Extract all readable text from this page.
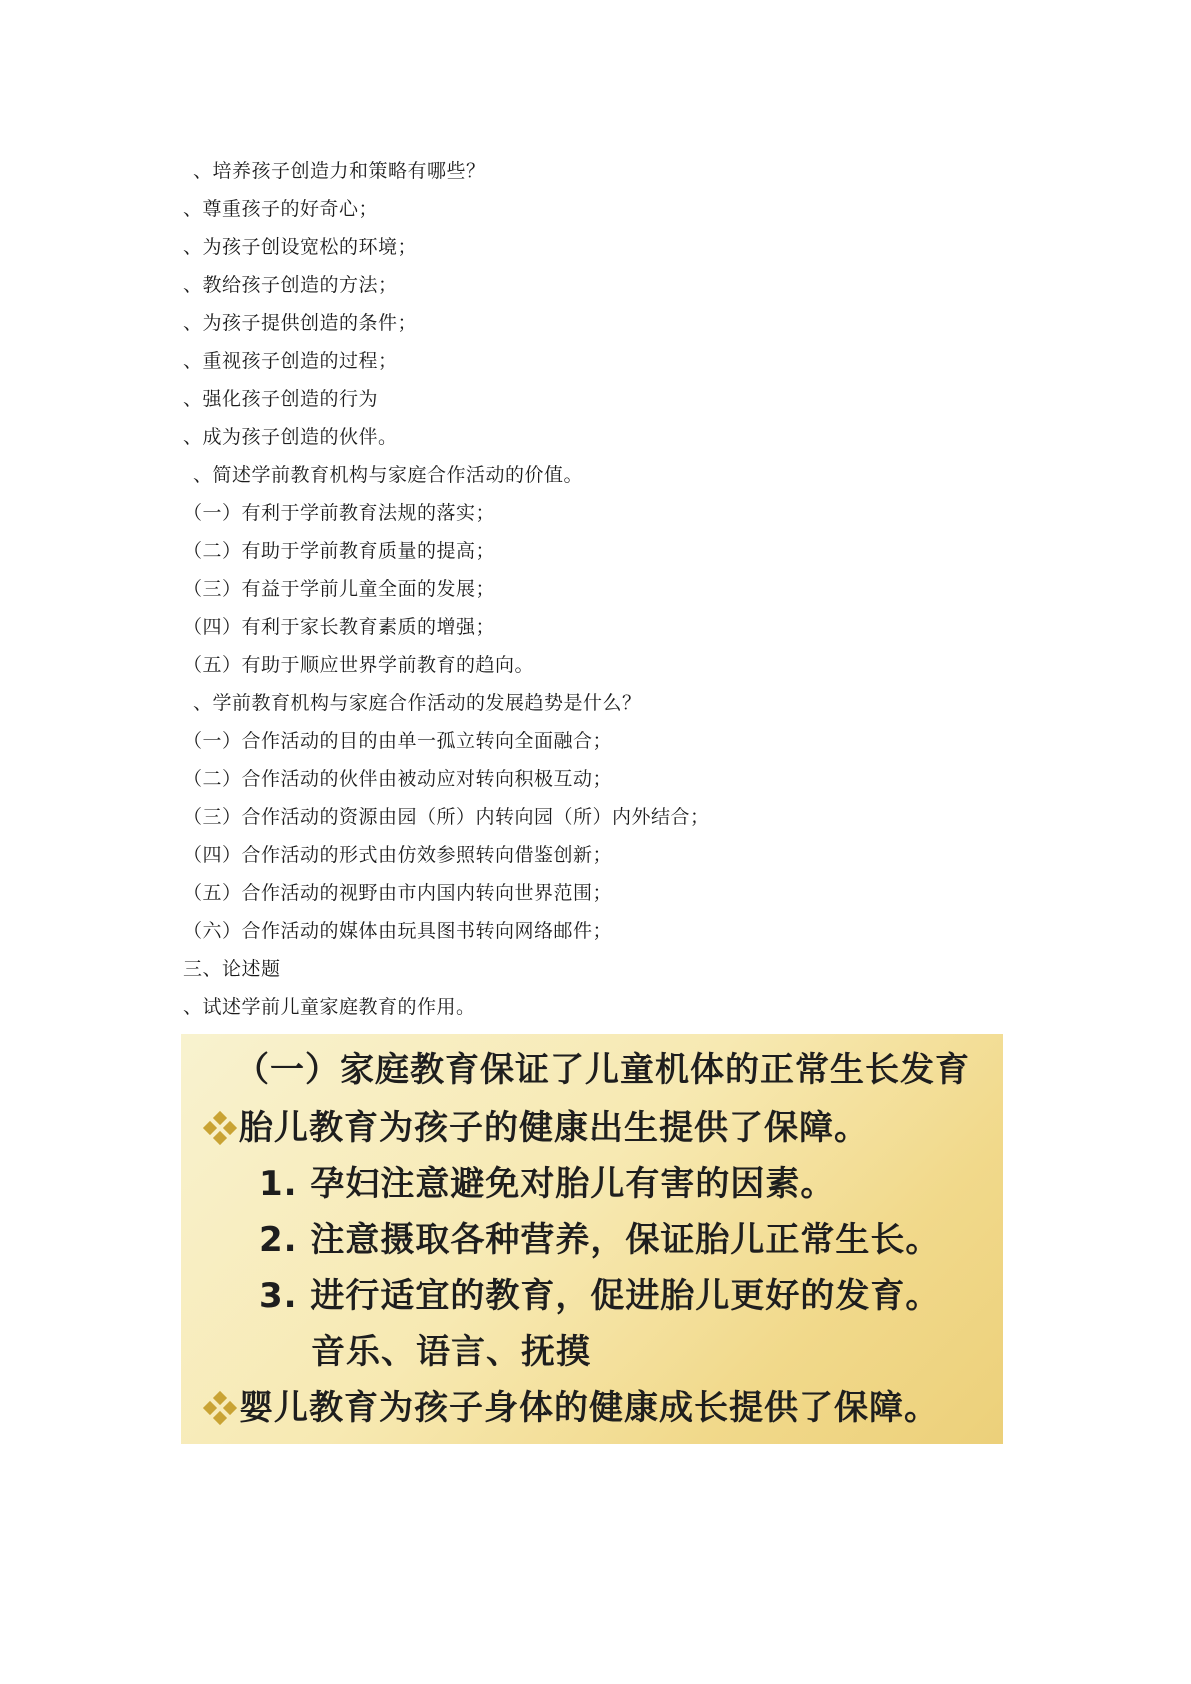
、培养孩子创造力和策略有哪些？
、尊重孩子的好奇心；
、为孩子创设宽松的环境；
、教给孩子创造的方法；
、为孩子提供创造的条件；
、重视孩子创造的过程；
、强化孩子创造的行为
、成为孩子创造的伙伴。
、简述学前教育机构与家庭合作活动的价值。
（一）有利于学前教育法规的落实；
（二）有助于学前教育质量的提高；
（三）有益于学前儿童全面的发展；
（四）有利于家长教育素质的增强；
（五）有助于顺应世界学前教育的趋向。
、学前教育机构与家庭合作活动的发展趋势是什么？
（一）合作活动的目的由单一孤立转向全面融合；
（二）合作活动的伙伴由被动应对转向积极互动；
（三）合作活动的资源由园（所）内转向园（所）内外结合；
（四）合作活动的形式由仿效参照转向借鉴创新；
（五）合作活动的视野由市内国内转向世界范围；
（六）合作活动的媒体由玩具图书转向网络邮件；
三、论述题
、试述学前儿童家庭教育的作用。
（一）家庭教育保证了儿童机体的正常生长发育
胎儿教育为孩子的健康出生提供了保障。
1. 孕妇注意避免对胎儿有害的因素。
2. 注意摄取各种营养，保证胎儿正常生长。
3. 进行适宜的教育，促进胎儿更好的发育。
音乐、语言、抚摸
婴儿教育为孩子身体的健康成长提供了保障。
